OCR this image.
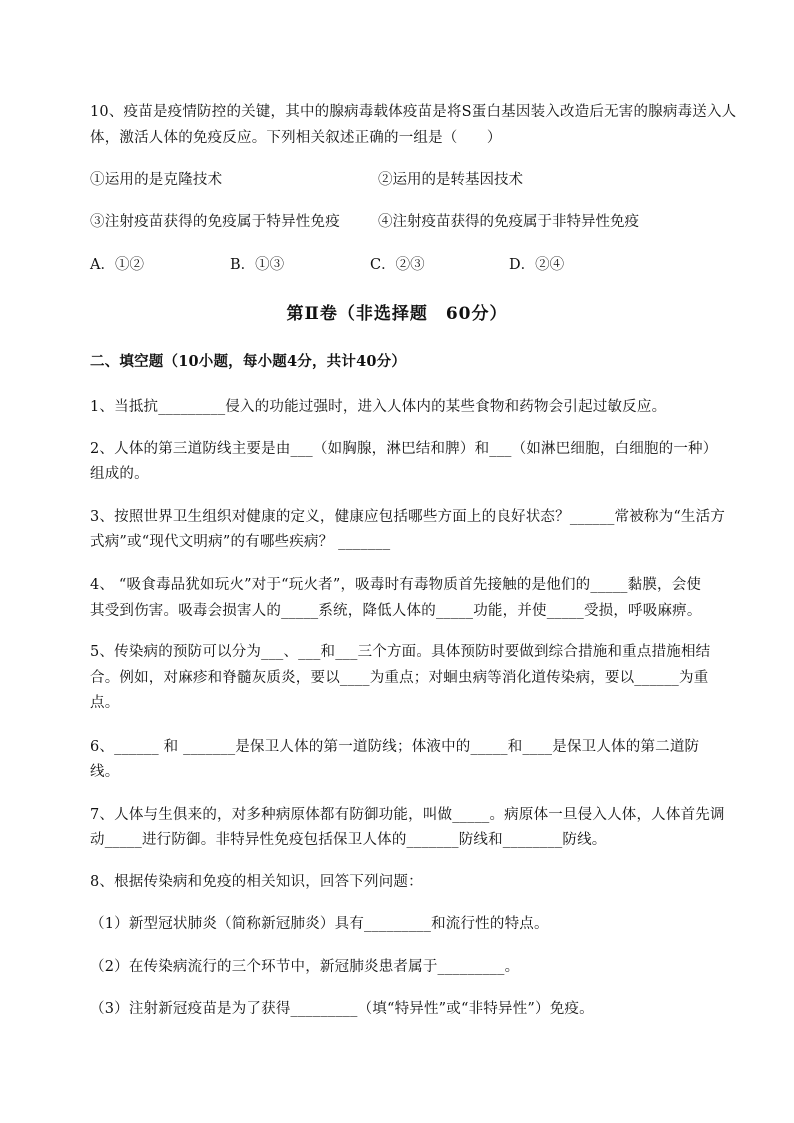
10、疫苗是疫情防控的关键，其中的腺病毒载体疫苗是将S蛋白基因装入改造后无害的腺病毒送入人
体，激活人体的免疫反应。下列相关叙述正确的一组是（　　）
①运用的是克隆技术	②运用的是转基因技术
③注射疫苗获得的免疫属于特异性免疫	④注射疫苗获得的免疫属于非特异性免疫
A．①②	B．①③	C．②③	D．②④
第Ⅱ卷（非选择题　60分）
二、填空题（10小题，每小题4分，共计40分）
1、当抵抗_________侵入的功能过强时，进入人体内的某些食物和药物会引起过敏反应。
2、人体的第三道防线主要是由___（如胸腺，淋巴结和脾）和___（如淋巴细胞，白细胞的一种）
组成的。
3、按照世界卫生组织对健康的定义，健康应包括哪些方面上的良好状态？______常被称为“生活方
式病”或“现代文明病”的有哪些疾病？ _______
4、 “吸食毒品犹如玩火”对于“玩火者”，吸毒时有毒物质首先接触的是他们的_____黏膜，会使
其受到伤害。吸毒会损害人的_____系统，降低人体的_____功能，并使_____受损，呼吸麻痹。
5、传染病的预防可以分为___、___和___三个方面。具体预防时要做到综合措施和重点措施相结
合。例如，对麻疹和脊髓灰质炎，要以____为重点；对蛔虫病等消化道传染病，要以______为重
点。
6、______ 和 _______是保卫人体的第一道防线；体液中的_____和____是保卫人体的第二道防
线。
7、人体与生俱来的，对多种病原体都有防御功能，叫做_____。病原体一旦侵入人体，人体首先调
动_____进行防御。非特异性免疫包括保卫人体的_______防线和________防线。
8、根据传染病和免疫的相关知识，回答下列问题：
（1）新型冠状肺炎（简称新冠肺炎）具有_________和流行性的特点。
（2）在传染病流行的三个环节中，新冠肺炎患者属于_________。
（3）注射新冠疫苗是为了获得_________（填“特异性”或“非特异性”）免疫。
